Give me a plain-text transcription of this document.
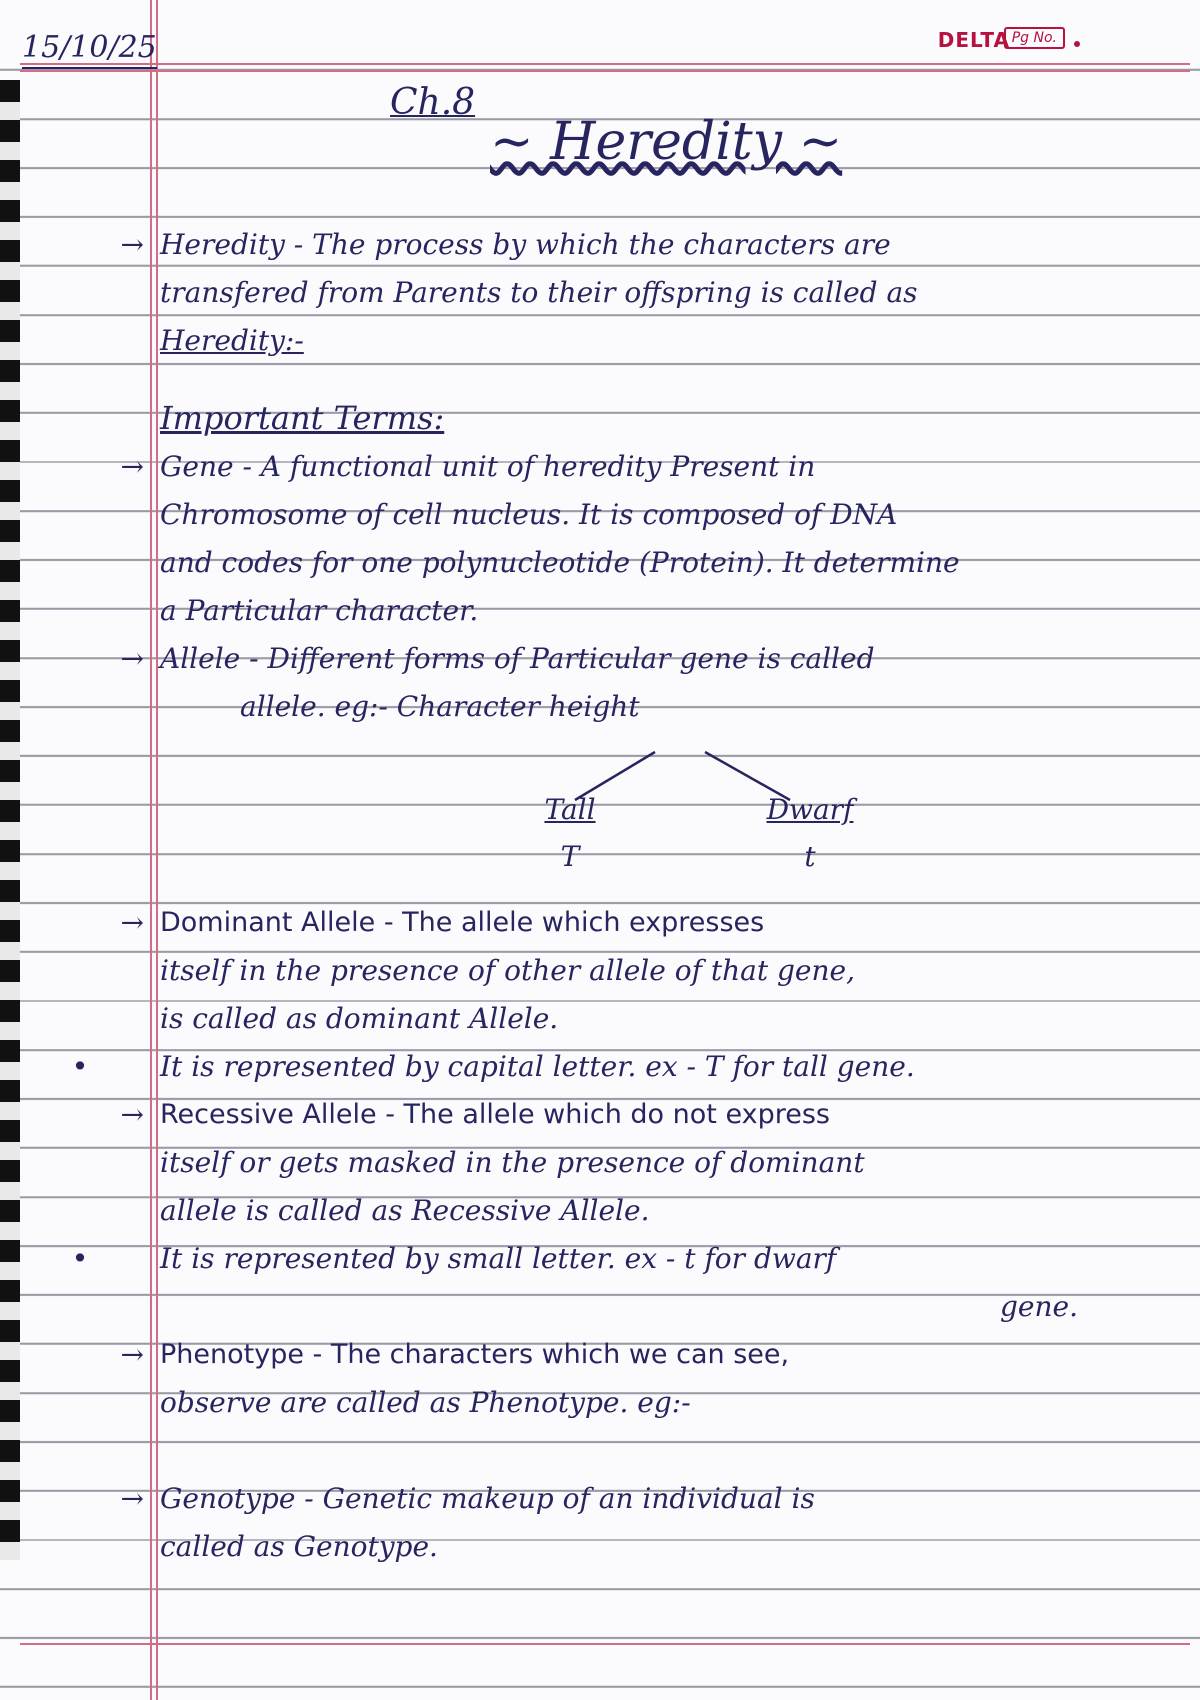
15/10/25	DELTA Pg No.
Ch.8
~ Heredity ~
→ Heredity - The process by which the characters are
transfered from Parents to their offspring is called as
Heredity:-
Important Terms:
→ Gene - A functional unit of heredity Present in
Chromosome of cell nucleus. It is composed of DNA
and codes for one polynucleotide (Protein). It determine
a Particular character.
→ Allele - Different forms of Particular gene is called
allele. eg:- Character height
Tall
T
Dwarf
t
→ Dominant Allele - The allele which expresses
itself in the presence of other allele of that gene,
is called as dominant Allele.
•	It is represented by capital letter. ex - T for tall gene.
→ Recessive Allele - The allele which do not express
itself or gets masked in the presence of dominant
allele is called as Recessive Allele.
•	It is represented by small letter. ex - t for dwarf
gene.
→ Phenotype - The characters which we can see,
observe are called as Phenotype. eg:-
→ Genotype - Genetic makeup of an individual is
called as Genotype.
